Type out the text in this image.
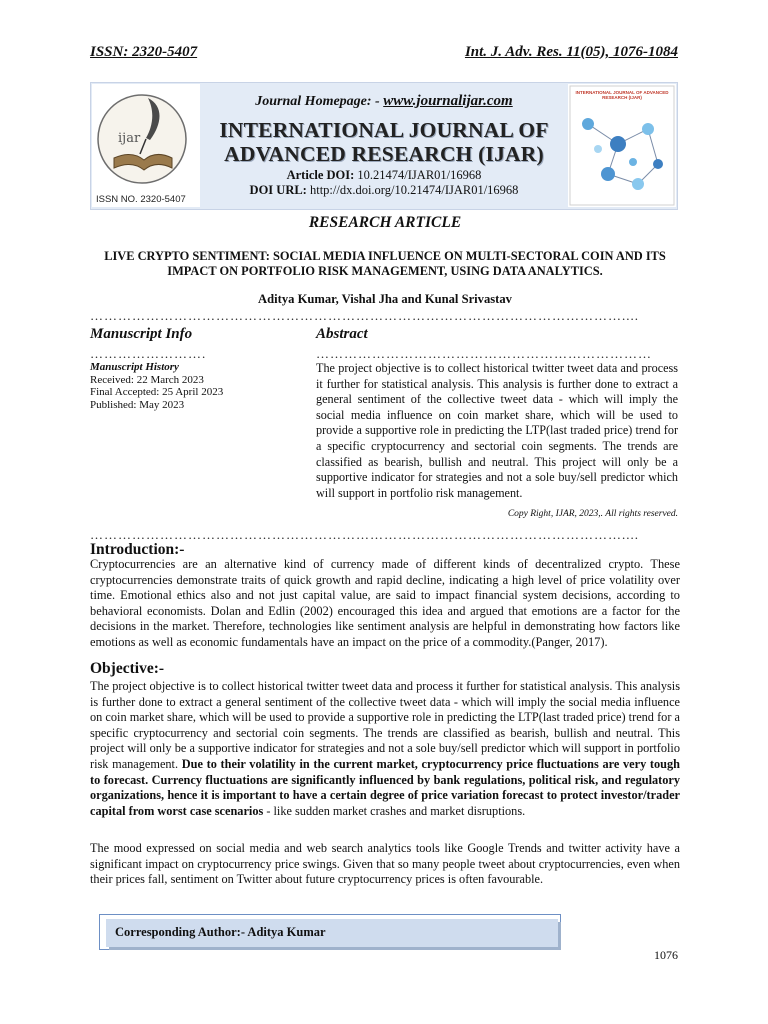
ISSN: 2320-5407	Int. J. Adv. Res. 11(05), 1076-1084
ijar
ISSN NO. 2320-5407
INTERNATIONAL JOURNAL OF ADVANCED RESEARCH (IJAR)
Journal Homepage: - www.journalijar.com
INTERNATIONAL JOURNAL OF
ADVANCED RESEARCH (IJAR)
Article DOI: 10.21474/IJAR01/16968
DOI URL: http://dx.doi.org/10.21474/IJAR01/16968
RESEARCH ARTICLE
LIVE CRYPTO SENTIMENT: SOCIAL MEDIA INFLUENCE ON MULTI-SECTORAL COIN AND ITS
IMPACT ON PORTFOLIO RISK MANAGEMENT, USING DATA ANALYTICS.
Aditya Kumar, Vishal Jha and Kunal Srivastav
……………………………………………………………………………………………………....
Manuscript Info
…………………….
Manuscript History
Received: 22 March 2023
Final Accepted: 25 April 2023
Published: May 2023
Abstract
………………………………………………………………
The project objective is to collect historical twitter tweet data and process it further for statistical analysis. This analysis is further done to extract a general sentiment of the collective tweet data - which will imply the social media influence on coin market share, which will be used to provide a supportive role in predicting the LTP(last traded price) trend for a specific cryptocurrency and sectorial coin segments. The trends are classified as bearish, bullish and neutral. This project will only be a supportive indicator for strategies and not a sole buy/sell predictor which will support in portfolio risk management.
Copy Right, IJAR, 2023,. All rights reserved.
……………………………………………………………………………………………………....
Introduction:-
Cryptocurrencies are an alternative kind of currency made of different kinds of decentralized crypto. These cryptocurrencies demonstrate traits of quick growth and rapid decline, indicating a high level of price volatility over time. Emotional ethics also and not just capital value, are said to impact financial system decisions, according to behavioral economists. Dolan and Edlin (2002) encouraged this idea and argued that emotions are a factor for the decisions in the market. Therefore, technologies like sentiment analysis are helpful in demonstrating how factors like emotions as well as economic fundamentals have an impact on the price of a commodity.(Panger, 2017).
Objective:-
The project objective is to collect historical twitter tweet data and process it further for statistical analysis. This analysis is further done to extract a general sentiment of the collective tweet data - which will imply the social media influence on coin market share, which will be used to provide a supportive role in predicting the LTP(last traded price) trend for a specific cryptocurrency and sectorial coin segments. The trends are classified as bearish, bullish and neutral. This project will only be a supportive indicator for strategies and not a sole buy/sell predictor which will support in portfolio risk management. Due to their volatility in the current market, cryptocurrency price fluctuations are very tough to forecast. Currency fluctuations are significantly influenced by bank regulations, political risk, and regulatory organizations, hence it is important to have a certain degree of price variation forecast to protect investor/trader capital from worst case scenarios - like sudden market crashes and market disruptions.
The mood expressed on social media and web search analytics tools like Google Trends and twitter activity have a significant impact on cryptocurrency price swings. Given that so many people tweet about cryptocurrencies, even when their prices fall, sentiment on Twitter about future cryptocurrency prices is often favourable.
Corresponding Author:- Aditya Kumar
1076
